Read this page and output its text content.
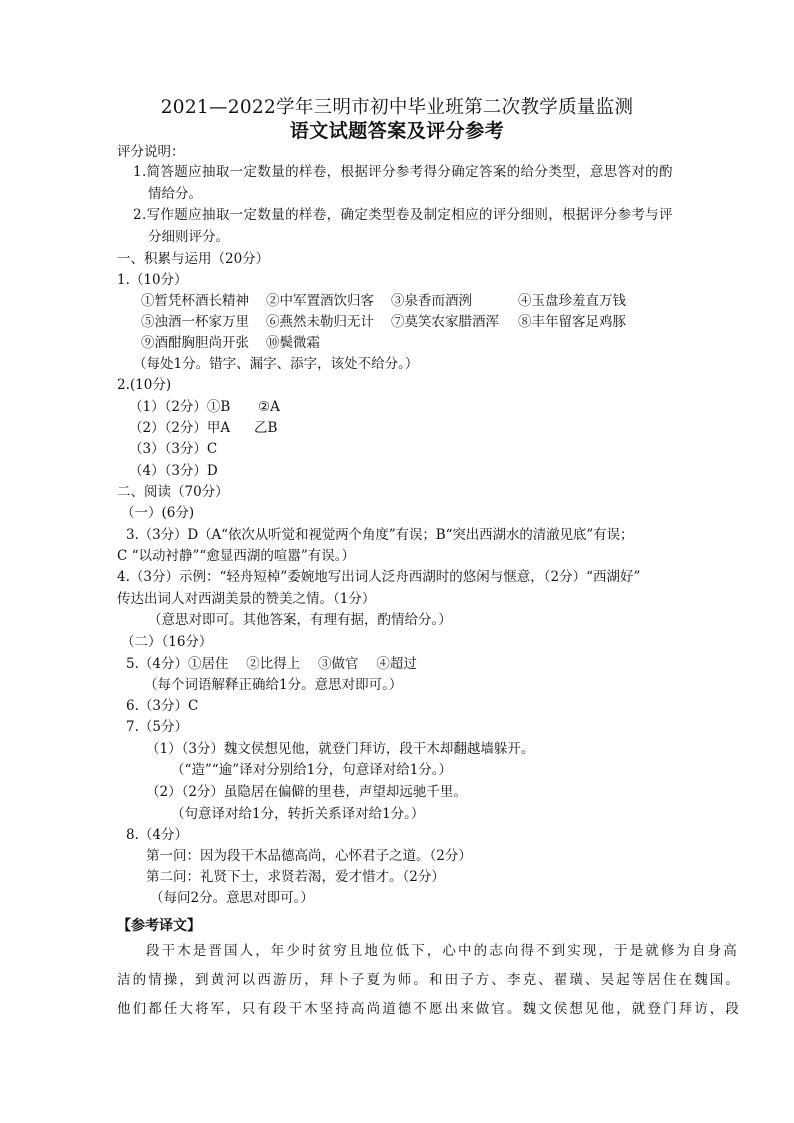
2021—2022学年三明市初中毕业班第二次教学质量监测
语文试题答案及评分参考
评分说明：
1.简答题应抽取一定数量的样卷，根据评分参考得分确定答案的给分类型，意思答对的酌
情给分。
2.写作题应抽取一定数量的样卷，确定类型卷及制定相应的评分细则，根据评分参考与评
分细则评分。
一、积累与运用（20分）
1.（10分）
①暂凭杯酒长精神 ②中军置酒饮归客 ③泉香而酒洌	④玉盘珍羞直万钱
⑤浊酒一杯家万里 ⑥燕然未勒归无计 ⑦莫笑农家腊酒浑 ⑧丰年留客足鸡豚
⑨酒酣胸胆尚开张 ⑩鬓微霜
（每处1分。错字、漏字、添字，该处不给分。）
2.(10分)
（1）（2分）①B ②A
（2）（2分）甲A 乙B
（3）（3分）C
（4）（3分）D
二、阅读（70分）
（一）(6分)
3.（3分）D（A“依次从听觉和视觉两个角度”有误；B“突出西湖水的清澈见底”有误；
C “以动衬静”“愈显西湖的喧嚣”有误。）
4.（3分）示例：“轻舟短棹”委婉地写出词人泛舟西湖时的悠闲与惬意，（2分）“西湖好”
传达出词人对西湖美景的赞美之情。（1分）
（意思对即可。其他答案，有理有据，酌情给分。）
（二）（16分）
5.（4分）①居住　 ②比得上　 ③做官　 ④超过
（每个词语解释正确给1分。意思对即可。）
6.（3分）C
7.（5分）
（1）（3分）魏文侯想见他，就登门拜访，段干木却翻越墙躲开。
（“造”“逾”译对分别给1分，句意译对给1分。）
（2）（2分）虽隐居在偏僻的里巷，声望却远驰千里。
（句意译对给1分，转折关系译对给1分。）
8.（4分）
第一问：因为段干木品德高尚，心怀君子之道。（2分）
第二问：礼贤下士，求贤若渴，爱才惜才。（2分）
（每问2分。意思对即可。）
【参考译文】
段干木是晋国人，年少时贫穷且地位低下，心中的志向得不到实现，于是就修为自身高
洁的情操，到黄河以西游历，拜卜子夏为师。和田子方、李克、翟璜、吴起等居住在魏国。
他们都任大将军，只有段干木坚持高尚道德不愿出来做官。魏文侯想见他，就登门拜访，段
